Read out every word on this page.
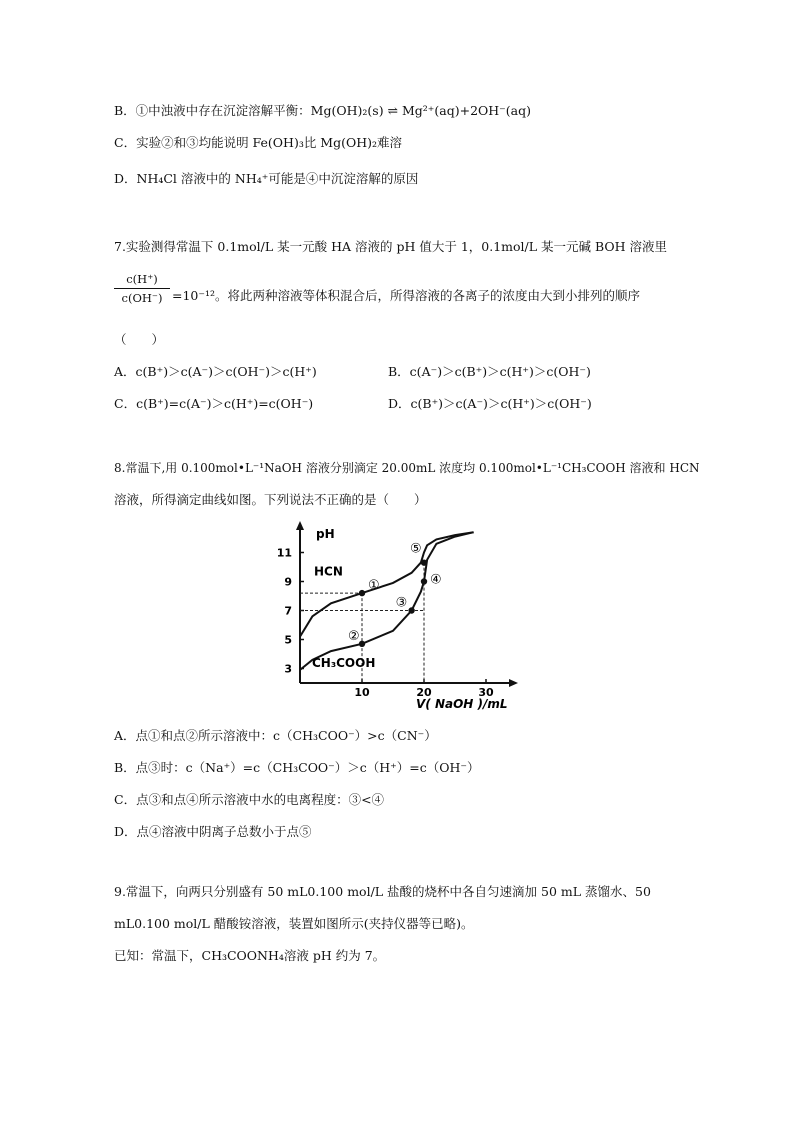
B．①中浊液中存在沉淀溶解平衡：Mg(OH)₂(s) ⇌ Mg²⁺(aq)+2OH⁻(aq)
C．实验②和③均能说明 Fe(OH)₃比 Mg(OH)₂难溶
D．NH₄Cl 溶液中的 NH₄⁺可能是④中沉淀溶解的原因
7.实验测得常温下 0.1mol/L 某一元酸 HA 溶液的 pH 值大于 1，0.1mol/L 某一元碱 BOH 溶液里
c(H⁺)
c(OH⁻) =10⁻¹²。将此两种溶液等体积混合后，所得溶液的各离子的浓度由大到小排列的顺序
（　　）
A．c(B⁺)＞c(A⁻)＞c(OH⁻)＞c(H⁺)	B．c(A⁻)＞c(B⁺)＞c(H⁺)＞c(OH⁻)
C．c(B⁺)=c(A⁻)＞c(H⁺)=c(OH⁻)	D．c(B⁺)＞c(A⁻)＞c(H⁺)＞c(OH⁻)
8.常温下,用 0.100mol•L⁻¹NaOH 溶液分别滴定 20.00mL 浓度均 0.100mol•L⁻¹CH₃COOH 溶液和 HCN
溶液，所得滴定曲线如图。下列说法不正确的是（　　）
10	20	30
3
5
7
9
11
pH
V( NaOH )/mL
HCN
CH₃COOH
①
②
③
④
⑤
A．点①和点②所示溶液中：c（CH₃COO⁻）>c（CN⁻）
B．点③时：c（Na⁺）=c（CH₃COO⁻）＞c（H⁺）=c（OH⁻）
C．点③和点④所示溶液中水的电离程度：③<④
D．点④溶液中阴离子总数小于点⑤
9.常温下，向两只分别盛有 50 mL0.100 mol/L 盐酸的烧杯中各自匀速滴加 50 mL 蒸馏水、50
mL0.100 mol/L 醋酸铵溶液，装置如图所示(夹持仪器等已略)。
已知：常温下，CH₃COONH₄溶液 pH 约为 7。
